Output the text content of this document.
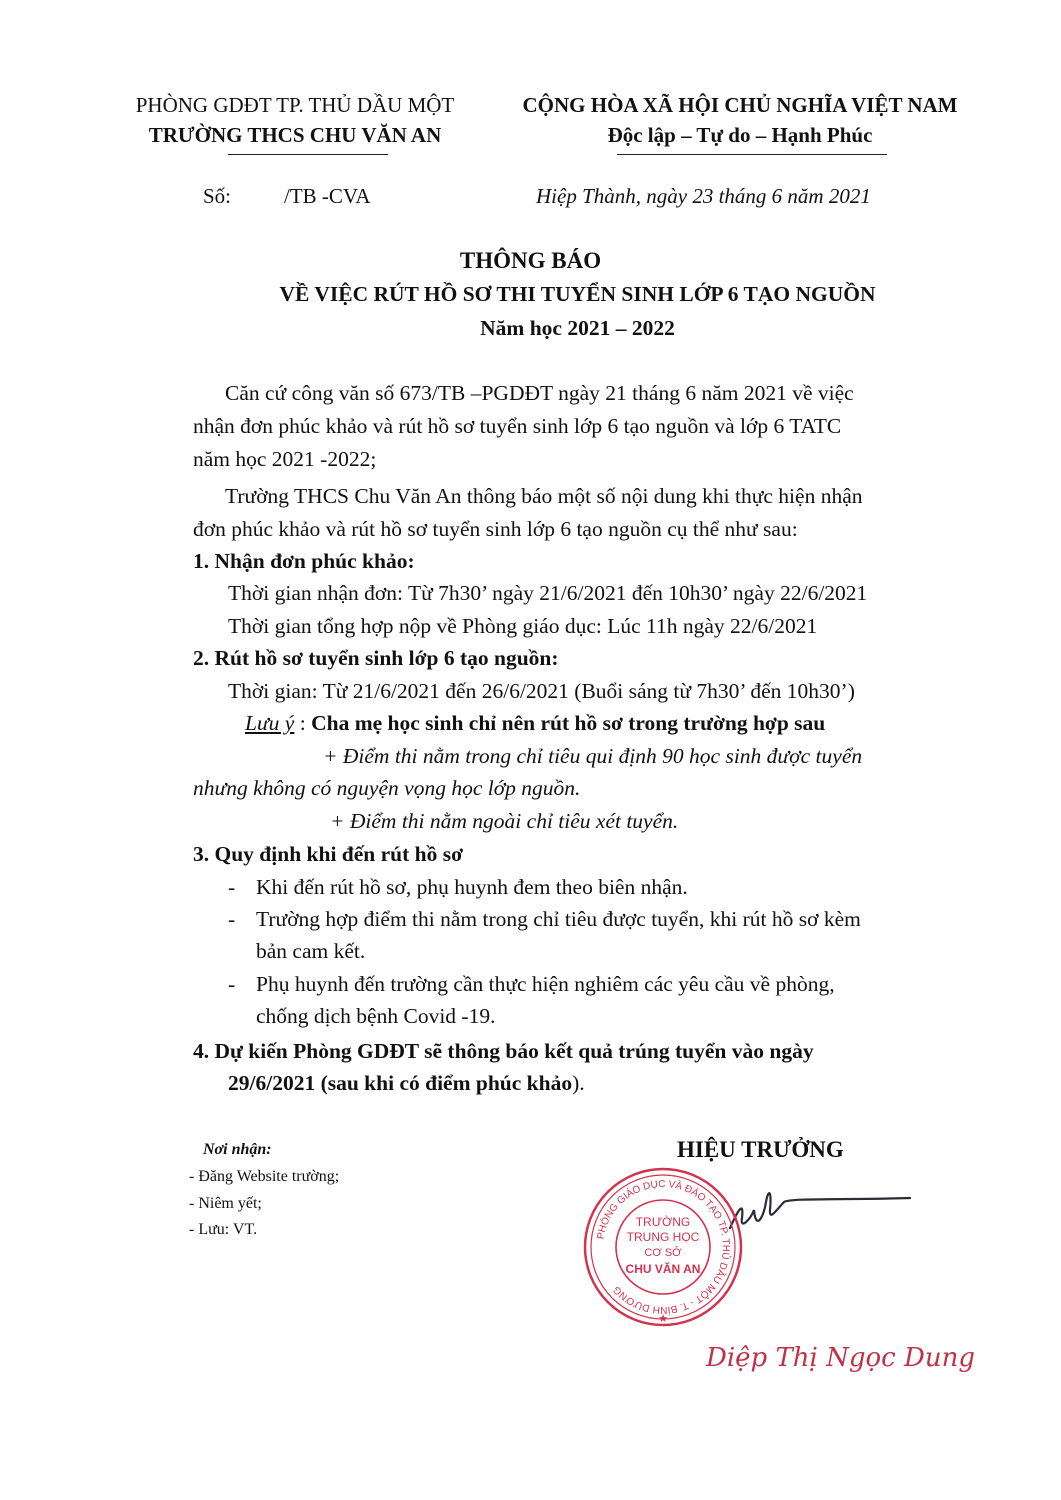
PHÒNG GDĐT TP. THỦ DẦU MỘT
TRƯỜNG THCS CHU VĂN AN
CỘNG HÒA XÃ HỘI CHỦ NGHĨA VIỆT NAM
Độc lập – Tự do – Hạnh Phúc
Số:	/TB -CVA	Hiệp Thành, ngày 23 tháng 6 năm 2021
THÔNG BÁO
VỀ VIỆC RÚT HỒ SƠ THI TUYỂN SINH LỚP 6 TẠO NGUỒN
Năm học 2021 – 2022
Căn cứ công văn số 673/TB –PGDĐT ngày 21 tháng 6 năm 2021 về việc
nhận đơn phúc khảo và rút hồ sơ tuyển sinh lớp 6 tạo nguồn và lớp 6 TATC
năm học 2021 -2022;
Trường THCS Chu Văn An thông báo một số nội dung khi thực hiện nhận
đơn phúc khảo và rút hồ sơ tuyển sinh lớp 6 tạo nguồn cụ thể như sau:
1. Nhận đơn phúc khảo:
Thời gian nhận đơn: Từ 7h30’ ngày 21/6/2021 đến 10h30’ ngày 22/6/2021
Thời gian tổng hợp nộp về Phòng giáo dục: Lúc 11h ngày 22/6/2021
2. Rút hồ sơ tuyển sinh lớp 6 tạo nguồn:
Thời gian: Từ 21/6/2021 đến 26/6/2021 (Buổi sáng từ 7h30’ đến 10h30’)
Lưu ý : Cha mẹ học sinh chỉ nên rút hồ sơ trong trường hợp sau
+ Điểm thi nằm trong chỉ tiêu qui định 90 học sinh được tuyển
nhưng không có nguyện vọng học lớp nguồn.
+ Điểm thi nằm ngoài chỉ tiêu xét tuyển.
3. Quy định khi đến rút hồ sơ
- Khi đến rút hồ sơ, phụ huynh đem theo biên nhận.
- Trường hợp điểm thi nằm trong chỉ tiêu được tuyển, khi rút hồ sơ kèm
bản cam kết.
- Phụ huynh đến trường cần thực hiện nghiêm các yêu cầu về phòng,
chống dịch bệnh Covid -19.
4. Dự kiến Phòng GDĐT sẽ thông báo kết quả trúng tuyển vào ngày
29/6/2021 (sau khi có điểm phúc khảo).
Nơi nhận:
- Đăng Website trường;
- Niêm yết;
- Lưu: VT.
HIỆU TRƯỞNG
PHÒNG GIÁO DỤC VÀ ĐÀO TẠO TP. THỦ DẦU MỘT - T. BÌNH DƯƠNG
TRƯỜNG
TRUNG HỌC
CƠ SỞ
CHU VĂN AN
★
Diệp Thị Ngọc Dung
